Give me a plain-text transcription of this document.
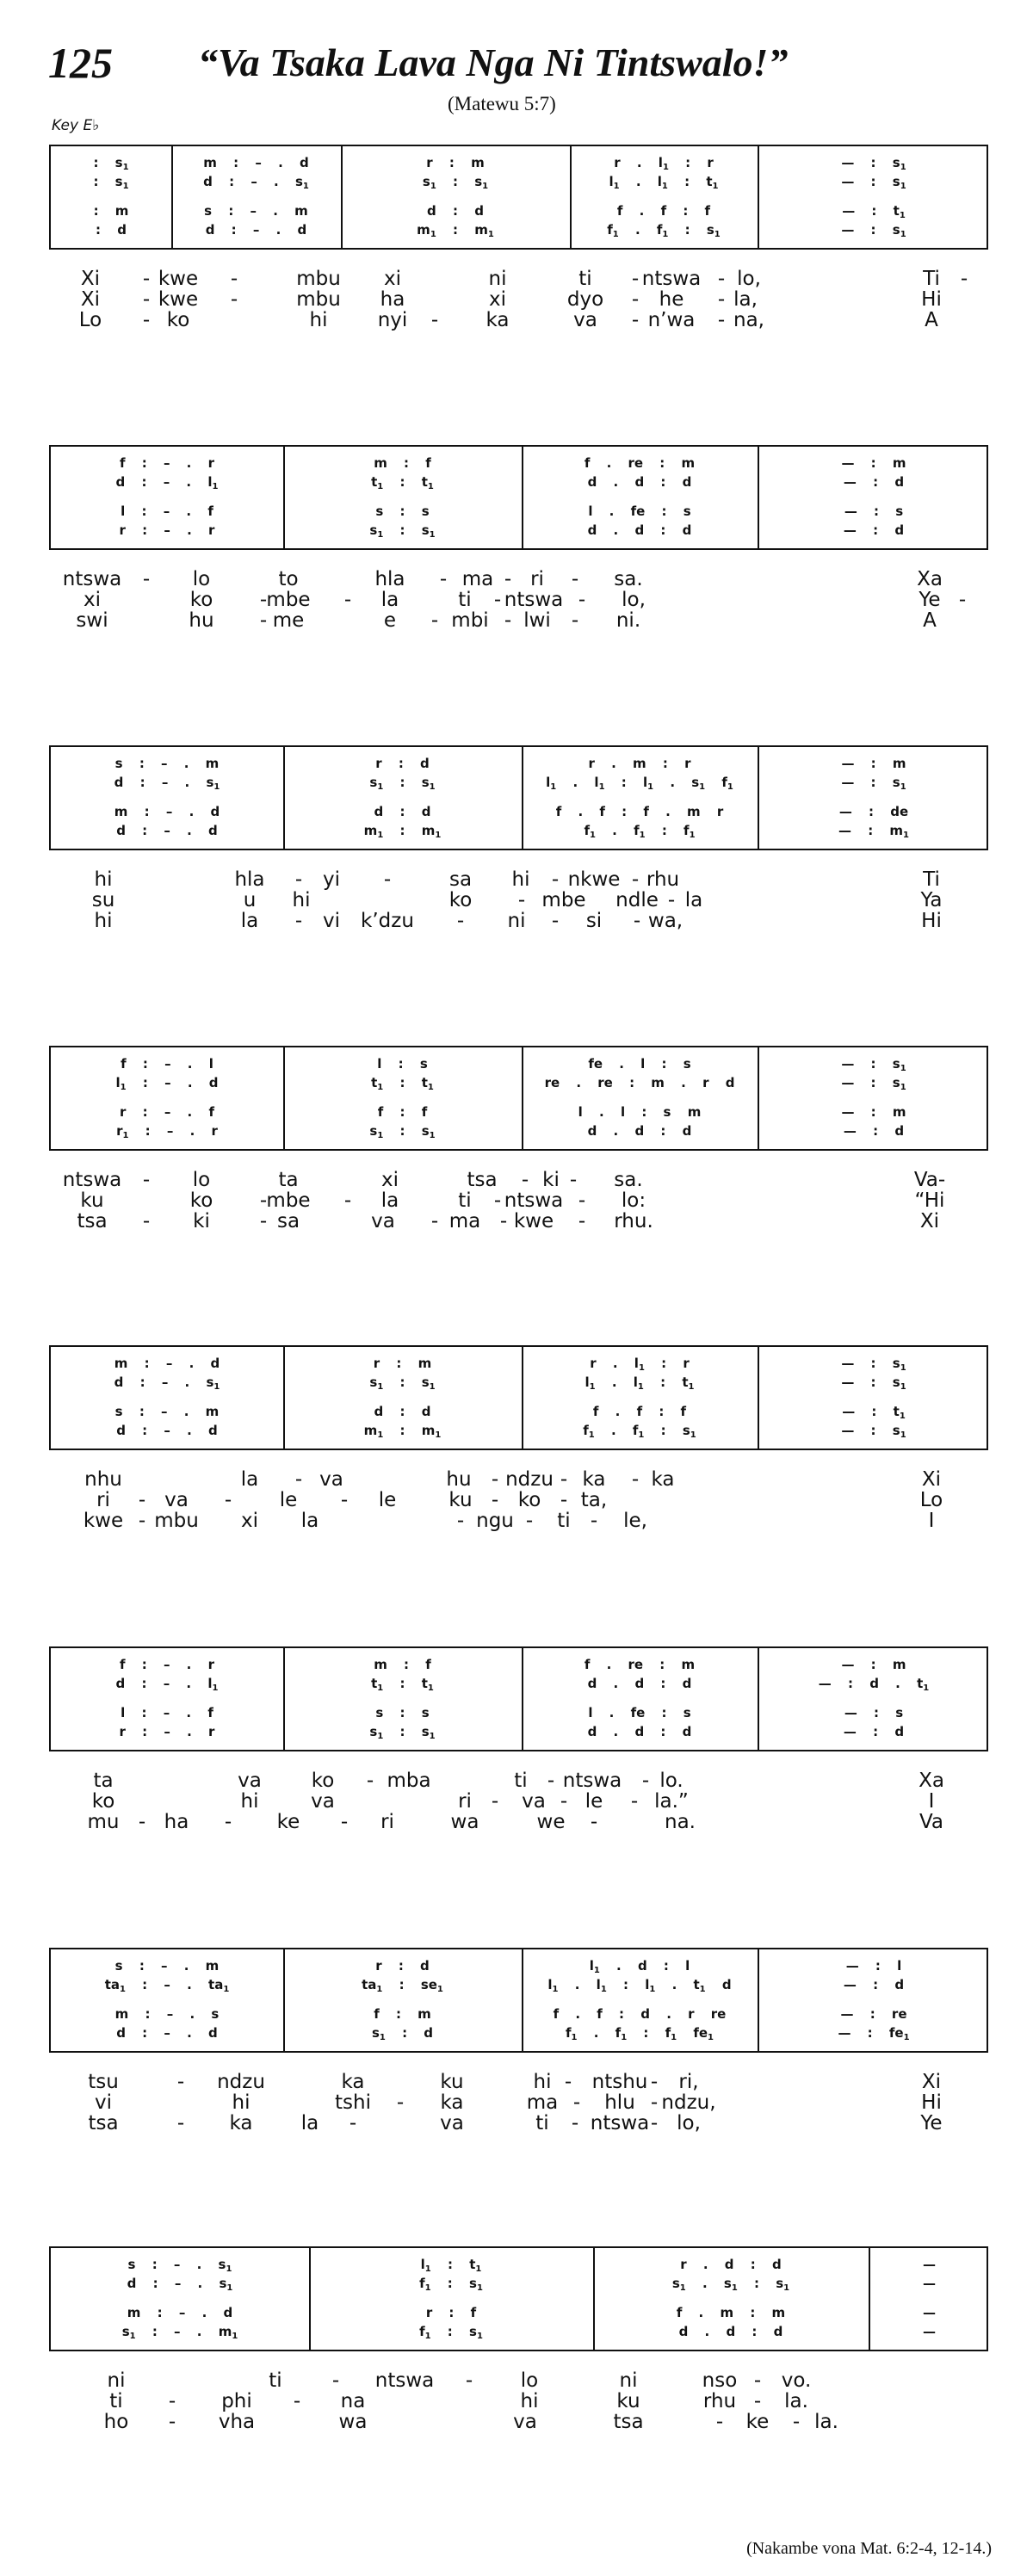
125 “Va Tsaka Lava Nga Ni Tintswalo!”
(Matewu 5:7)
Key E♭
: $s_1$	m : – . d	r : m	r . $l_1$ : r	— : $s_1$
: $s_1$	d : – . $s_1$	$s_1$ : $s_1$	$l_1$ . $l_1$ : $t_1$	— : $s_1$
: m	s : – . m	d : d	f . f : f	— : $t_1$
: d	d : – . d	$m_1$ : $m_1$	$f_1$ . $f_1$ : $s_1$	— : $s_1$
Xi - kwe -	mbu xi	ni	ti - ntswa - lo,	Ti -
Xi - kwe -	mbu ha	xi	dyo - he - la,	Hi
Lo - ko	hi	nyi - ka	va - n’wa - na,	A
f : – . r	m : f	f . re : m	— : m
d : – . $l_1$	$t_1$ : $t_1$	d . d : d	— : d
l : – . f	s : s	l . fe : s	— : s
r : – . r	$s_1$ : $s_1$	d . d : d	— : d
ntswa - lo	to	hla - ma - ri - sa.	Xa
xi	ko - mbe - la	ti - ntswa - lo,	Ye -
swi	hu - me	e - mbi - lwi - ni.	A
s : – . m	r : d	r . m : r	— : m
d : – . $s_1$	$s_1$ : $s_1$	$l_1$ . $l_1$ : $l_1$ . $s_1$ $f_1$	— : $s_1$
m : – . d	d : d	f . f : f . m r	— : de
d : – . d	$m_1$ : $m_1$	$f_1$ . $f_1$ : $f_1$	— : $m_1$
hi	hla - yi -	sa hi - nkwe - rhu	Ti
su	u hi	ko - mbe ndle - la	Ya
hi	la - vi k’dzu - ni - si - wa,	Hi
f : – . l	l : s	fe . l : s	— : $s_1$
$l_1$ : – . d	$t_1$ : $t_1$	re . re : m . r d	— : $s_1$
r : – . f	f : f	l . l : s m	— : m
$r_1$ : – . r	$s_1$ : $s_1$	d . d : d	— : d
ntswa - lo	ta	xi	tsa - ki - sa.	Va-
ku	ko - mbe - la	ti - ntswa - lo:	“Hi
tsa - ki	- sa	va - ma - kwe - rhu.	Xi
m : – . d	r : m	r . $l_1$ : r	— : $s_1$
d : – . $s_1$	$s_1$ : $s_1$	$l_1$ . $l_1$ : $t_1$	— : $s_1$
s : – . m	d : d	f . f : f	— : $t_1$
d : – . d	$m_1$ : $m_1$	$f_1$ . $f_1$ : $s_1$	— : $s_1$
nhu	la - va	hu - ndzu - ka - ka	Xi
ri - va - le - le	ku - ko - ta,	Lo
kwe - mbu xi la	- ngu - ti - le,	I
f : – . r	m : f	f . re : m	— : m
d : – . $l_1$	$t_1$ : $t_1$	d . d : d	— : d . $t_1$
l : – . f	s : s	l . fe : s	— : s
r : – . r	$s_1$ : $s_1$	d . d : d	— : d
ta	va	ko - mba	ti - ntswa - lo.	Xa
ko	hi	va	ri - va - le - la.”	I
mu - ha - ke - ri	wa	we -	na.	Va
s : – . m	r : d	$l_1$ . d : l	— : l
$ta_1$ : – . $ta_1$	$ta_1$ : $se_1$	$l_1$ . $l_1$ : $l_1$ . $t_1$ d	— : d
m : – . s	f : m	f . f : d . r re	— : re
d : – . d	$s_1$ : d	$f_1$ . $f_1$ : $f_1$ $fe_1$	— : $fe_1$
tsu	- ndzu	ka	ku	hi - ntshu - ri,	Xi
vi	hi	tshi - ka	ma - hlu - ndzu,	Hi
tsa	- ka la -	va	ti - ntswa - lo,	Ye
s : – . $s_1$	$l_1$ : $t_1$	r . d : d	—
d : – . $s_1$	$f_1$ : $s_1$	$s_1$ . $s_1$ : $s_1$	—
m : – . d	r : f	f . m : m	—
$s_1$ : – . $m_1$	$f_1$ : $s_1$	d . d : d	—
ni	ti	- ntswa - lo	ni	nso - vo.
ti - phi - na	hi	ku	rhu - la.
ho - vha	wa	va	tsa	- ke - la.
(Nakambe vona Mat. 6:2-4, 12-14.)
